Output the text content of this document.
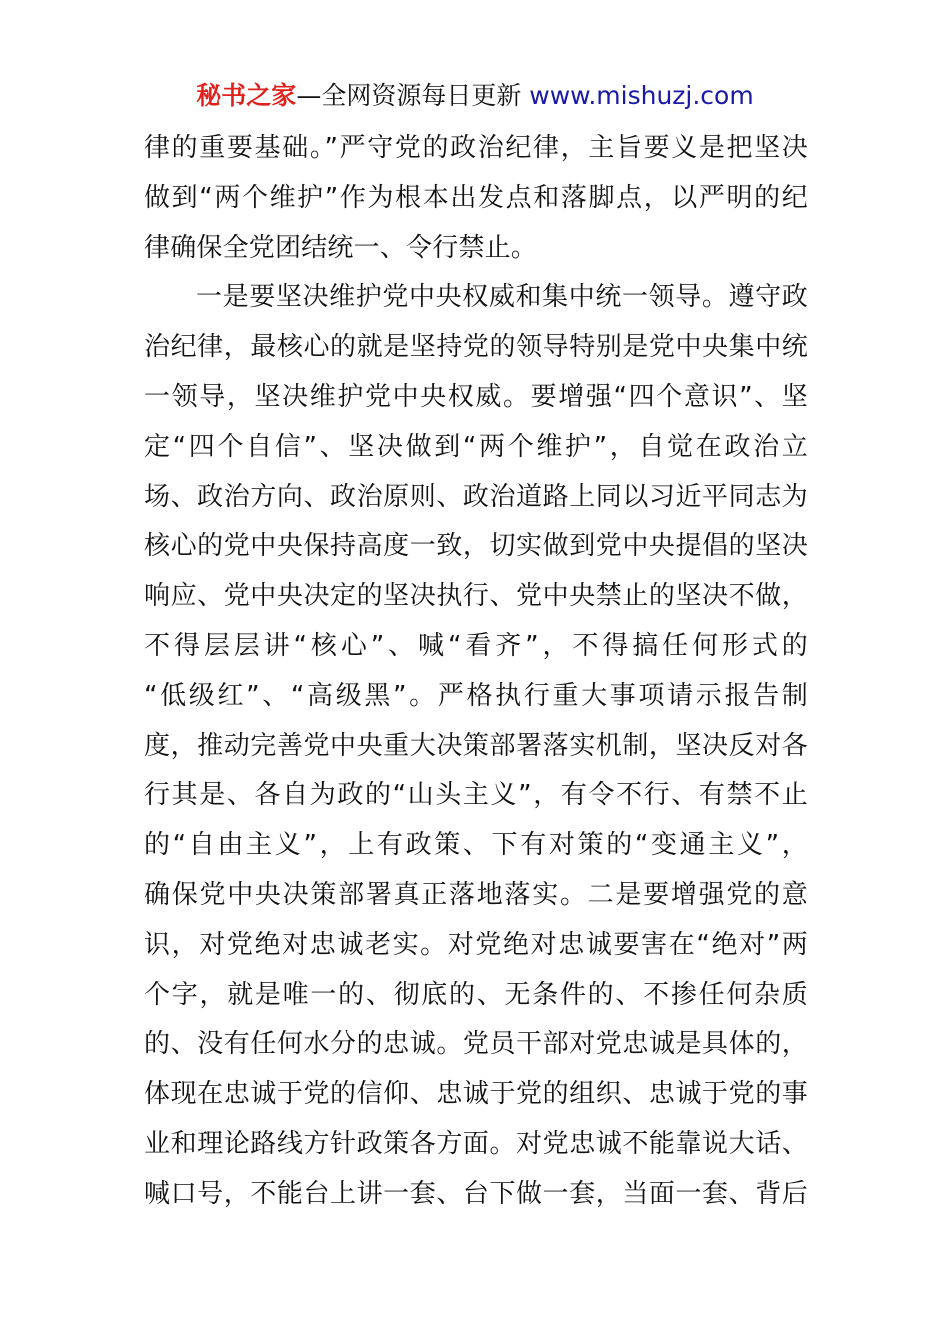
秘书之家—全网资源每日更新 www.mishuzj.com
律的重要基础。”严守党的政治纪律，主旨要义是把坚决
做到“两个维护”作为根本出发点和落脚点，以严明的纪
律确保全党团结统一、令行禁止。
一是要坚决维护党中央权威和集中统一领导。遵守政
治纪律，最核心的就是坚持党的领导特别是党中央集中统
一领导，坚决维护党中央权威。要增强“四个意识”、坚
定“四个自信”、坚决做到“两个维护”，自觉在政治立
场、政治方向、政治原则、政治道路上同以习近平同志为
核心的党中央保持高度一致，切实做到党中央提倡的坚决
响应、党中央决定的坚决执行、党中央禁止的坚决不做，
不得层层讲“核心”、喊“看齐”，不得搞任何形式的
“低级红”、“高级黑”。严格执行重大事项请示报告制
度，推动完善党中央重大决策部署落实机制，坚决反对各
行其是、各自为政的“山头主义”，有令不行、有禁不止
的“自由主义”，上有政策、下有对策的“变通主义”，
确保党中央决策部署真正落地落实。二是要增强党的意
识，对党绝对忠诚老实。对党绝对忠诚要害在“绝对”两
个字，就是唯一的、彻底的、无条件的、不掺任何杂质
的、没有任何水分的忠诚。党员干部对党忠诚是具体的，
体现在忠诚于党的信仰、忠诚于党的组织、忠诚于党的事
业和理论路线方针政策各方面。对党忠诚不能靠说大话、
喊口号，不能台上讲一套、台下做一套，当面一套、背后
